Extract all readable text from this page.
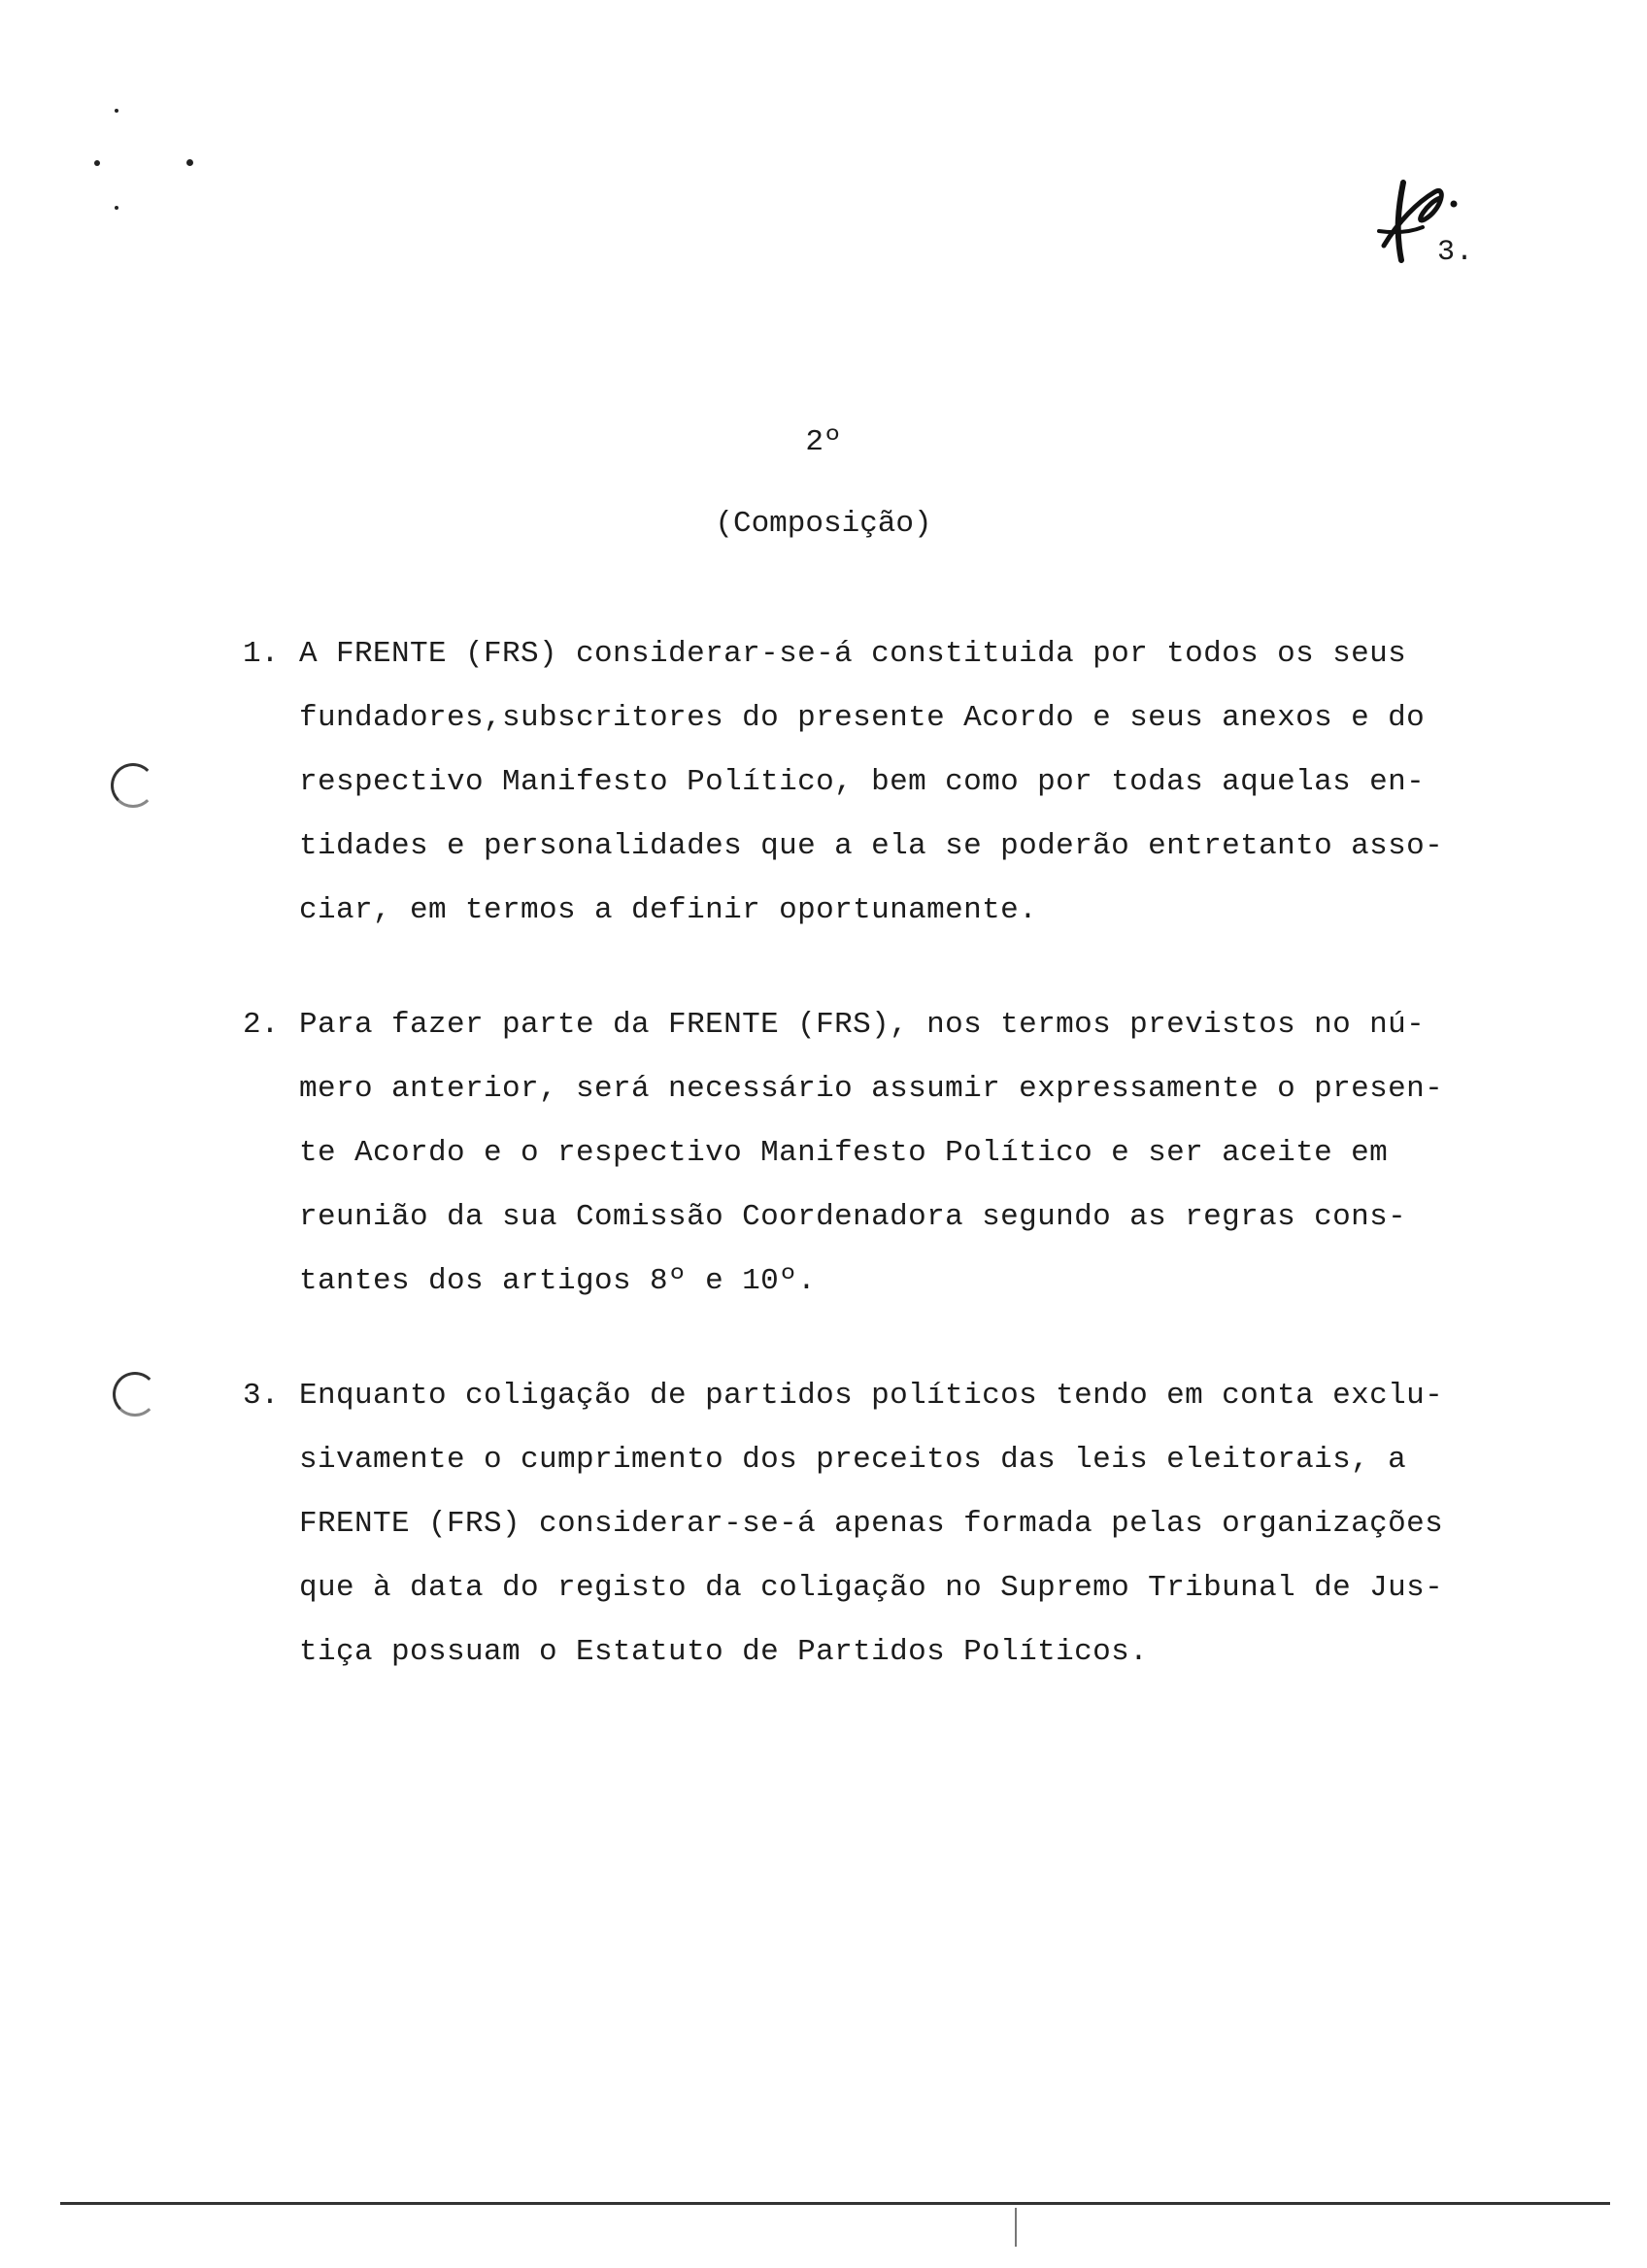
3.
2º
(Composição)
1. A FRENTE (FRS) considerar-se-á constituida por todos os seus
fundadores,subscritores do presente Acordo e seus anexos e do
respectivo Manifesto Político, bem como por todas aquelas en-
tidades e personalidades que a ela se poderão entretanto asso-
ciar, em termos a definir oportunamente.
2. Para fazer parte da FRENTE (FRS), nos termos previstos no nú-
mero anterior, será necessário assumir expressamente o presen-
te Acordo e o respectivo Manifesto Político e ser aceite em
reunião da sua Comissão Coordenadora segundo as regras cons-
tantes dos artigos 8º e 10º.
3. Enquanto coligação de partidos políticos tendo em conta exclu-
sivamente o cumprimento dos preceitos das leis eleitorais, a
FRENTE (FRS) considerar-se-á apenas formada pelas organizações
que à data do registo da coligação no Supremo Tribunal de Jus-
tiça possuam o Estatuto de Partidos Políticos.
